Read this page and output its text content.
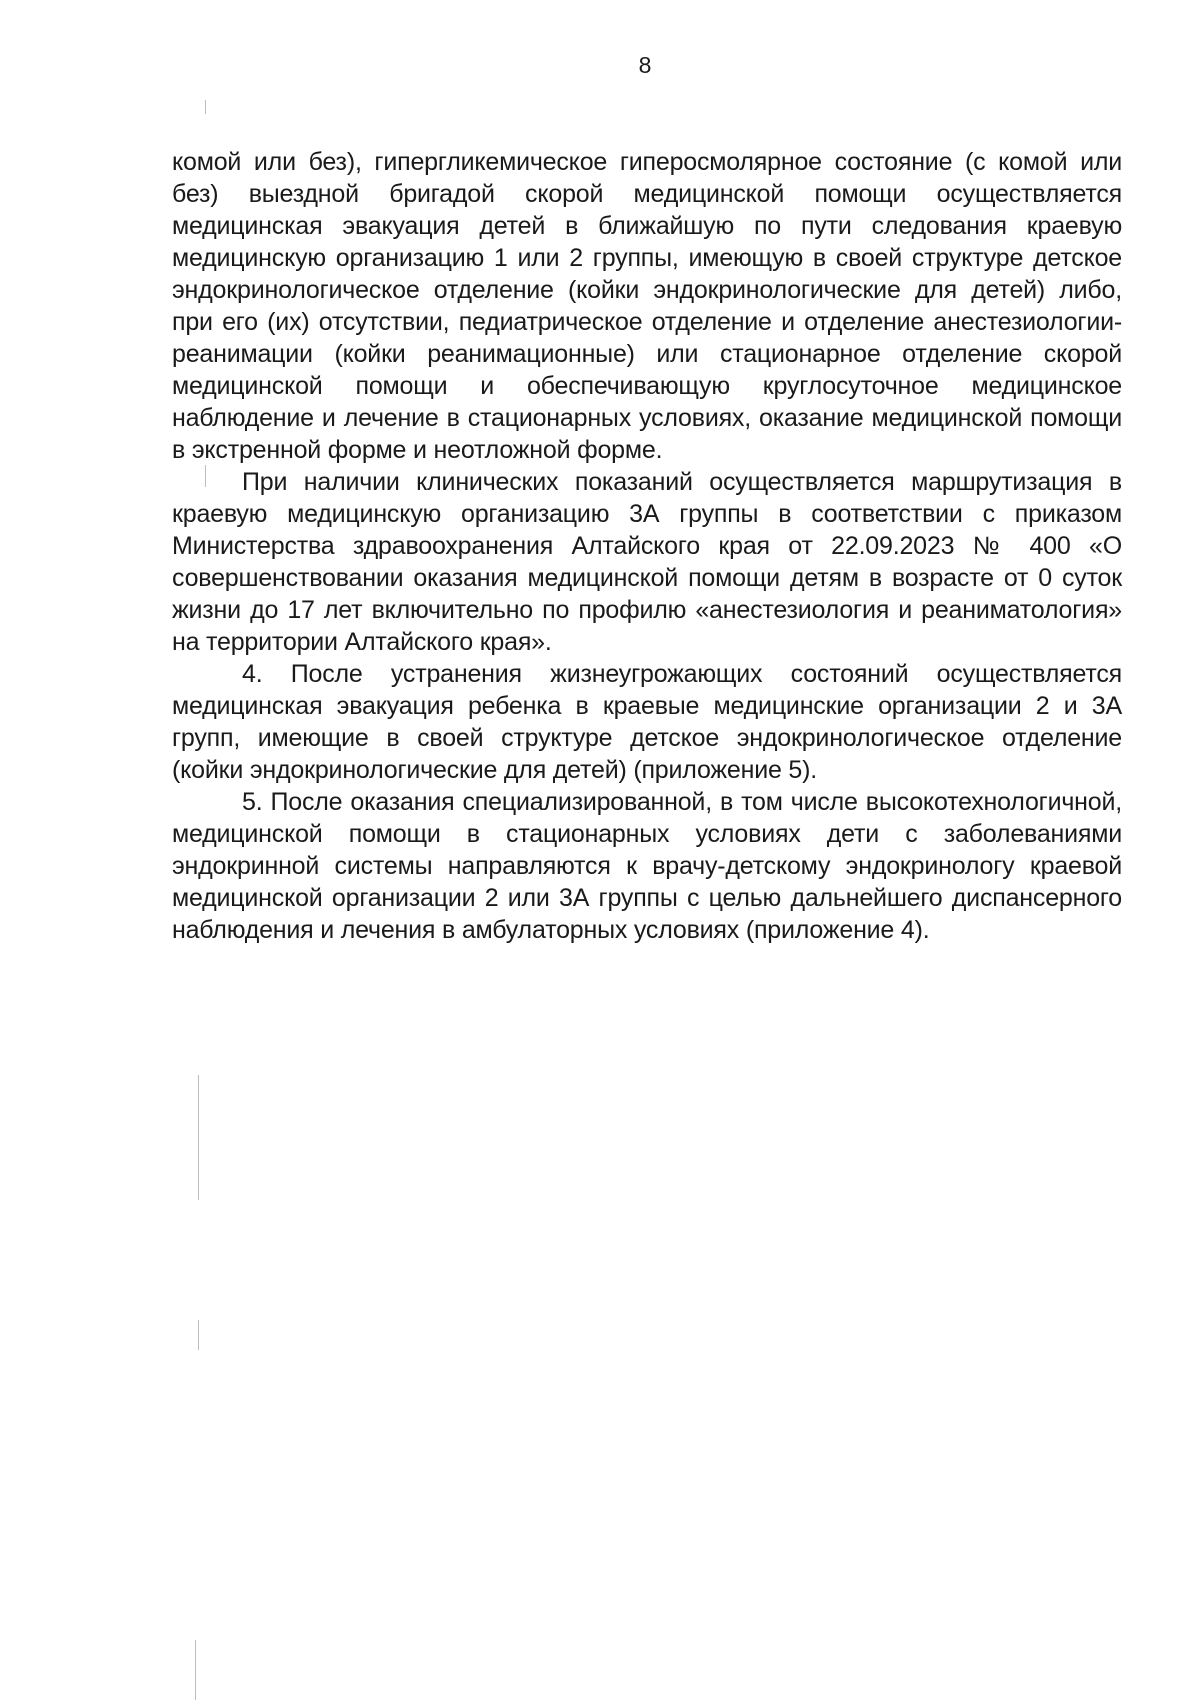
8

комой или без), гипергликемическое гиперосмолярное состояние (с комой или без) выездной бригадой скорой медицинской помощи осуществляется медицинская эвакуация детей в ближайшую по пути следования краевую медицинскую организацию 1 или 2 группы, имеющую в своей структуре детское эндокринологическое отделение (койки эндокринологические для детей) либо, при его (их) отсутствии, педиатрическое отделение и отделение анестезиологии-реанимации (койки реанимационные) или стационарное отделение скорой медицинской помощи и обеспечивающую круглосуточное медицинское наблюдение и лечение в стационарных условиях, оказание медицинской помощи в экстренной форме и неотложной форме.

При наличии клинических показаний осуществляется маршрутизация в краевую медицинскую организацию 3А группы в соответствии с приказом Министерства здравоохранения Алтайского края от 22.09.2023 № 400 «О совершенствовании оказания медицинской помощи детям в возрасте от 0 суток жизни до 17 лет включительно по профилю «анестезиология и реаниматология» на территории Алтайского края».

4. После устранения жизнеугрожающих состояний осуществляется медицинская эвакуация ребенка в краевые медицинские организации 2 и 3А групп, имеющие в своей структуре детское эндокринологическое отделение (койки эндокринологические для детей) (приложение 5).

5. После оказания специализированной, в том числе высокотехнологичной, медицинской помощи в стационарных условиях дети с заболеваниями эндокринной системы направляются к врачу-детскому эндокринологу краевой медицинской организации 2 или 3А группы с целью дальнейшего диспансерного наблюдения и лечения в амбулаторных условиях (приложение 4).
